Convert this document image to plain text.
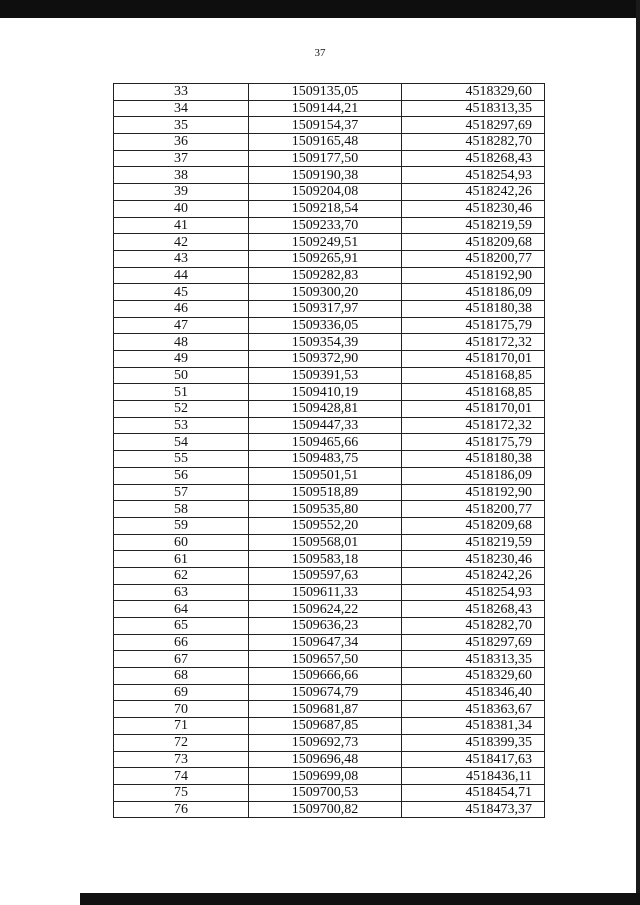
37
33	1509135,05	4518329,60
34	1509144,21	4518313,35
35	1509154,37	4518297,69
36	1509165,48	4518282,70
37	1509177,50	4518268,43
38	1509190,38	4518254,93
39	1509204,08	4518242,26
40	1509218,54	4518230,46
41	1509233,70	4518219,59
42	1509249,51	4518209,68
43	1509265,91	4518200,77
44	1509282,83	4518192,90
45	1509300,20	4518186,09
46	1509317,97	4518180,38
47	1509336,05	4518175,79
48	1509354,39	4518172,32
49	1509372,90	4518170,01
50	1509391,53	4518168,85
51	1509410,19	4518168,85
52	1509428,81	4518170,01
53	1509447,33	4518172,32
54	1509465,66	4518175,79
55	1509483,75	4518180,38
56	1509501,51	4518186,09
57	1509518,89	4518192,90
58	1509535,80	4518200,77
59	1509552,20	4518209,68
60	1509568,01	4518219,59
61	1509583,18	4518230,46
62	1509597,63	4518242,26
63	1509611,33	4518254,93
64	1509624,22	4518268,43
65	1509636,23	4518282,70
66	1509647,34	4518297,69
67	1509657,50	4518313,35
68	1509666,66	4518329,60
69	1509674,79	4518346,40
70	1509681,87	4518363,67
71	1509687,85	4518381,34
72	1509692,73	4518399,35
73	1509696,48	4518417,63
74	1509699,08	4518436,11
75	1509700,53	4518454,71
76	1509700,82	4518473,37
